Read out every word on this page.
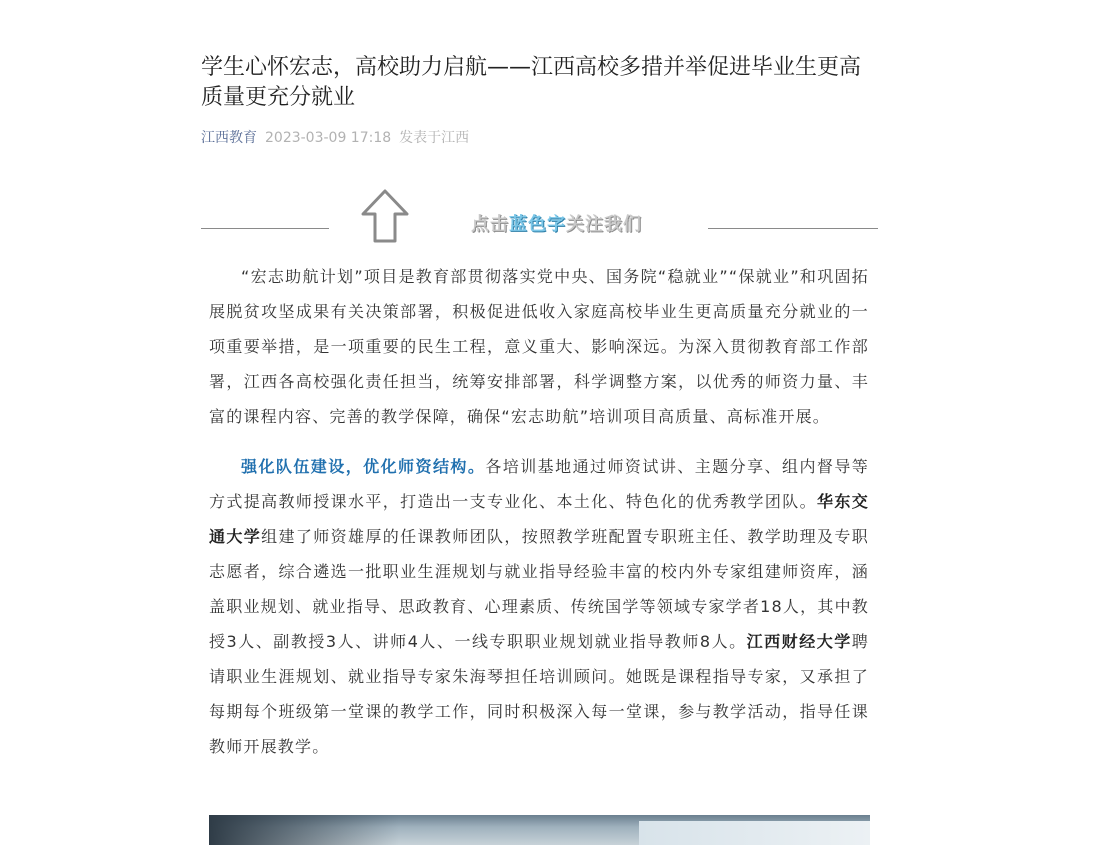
学生心怀宏志，高校助力启航——江西高校多措并举促进毕业生更高质量更充分就业
江西教育 2023-03-09 17:18 发表于江西
点击蓝色字关注我们

“宏志助航计划”项目是教育部贯彻落实党中央、国务院“稳就业”“保就业”和巩固拓展脱贫攻坚成果有关决策部署，积极促进低收入家庭高校毕业生更高质量充分就业的一项重要举措，是一项重要的民生工程，意义重大、影响深远。为深入贯彻教育部工作部署，江西各高校强化责任担当，统筹安排部署，科学调整方案，以优秀的师资力量、丰富的课程内容、完善的教学保障，确保“宏志助航”培训项目高质量、高标准开展。

强化队伍建设，优化师资结构。各培训基地通过师资试讲、主题分享、组内督导等方式提高教师授课水平，打造出一支专业化、本土化、特色化的优秀教学团队。华东交通大学组建了师资雄厚的任课教师团队，按照教学班配置专职班主任、教学助理及专职志愿者，综合遴选一批职业生涯规划与就业指导经验丰富的校内外专家组建师资库，涵盖职业规划、就业指导、思政教育、心理素质、传统国学等领域专家学者18人，其中教授3人、副教授3人、讲师4人、一线专职职业规划就业指导教师8人。江西财经大学聘请职业生涯规划、就业指导专家朱海琴担任培训顾问。她既是课程指导专家，又承担了每期每个班级第一堂课的教学工作，同时积极深入每一堂课，参与教学活动，指导任课教师开展教学。
